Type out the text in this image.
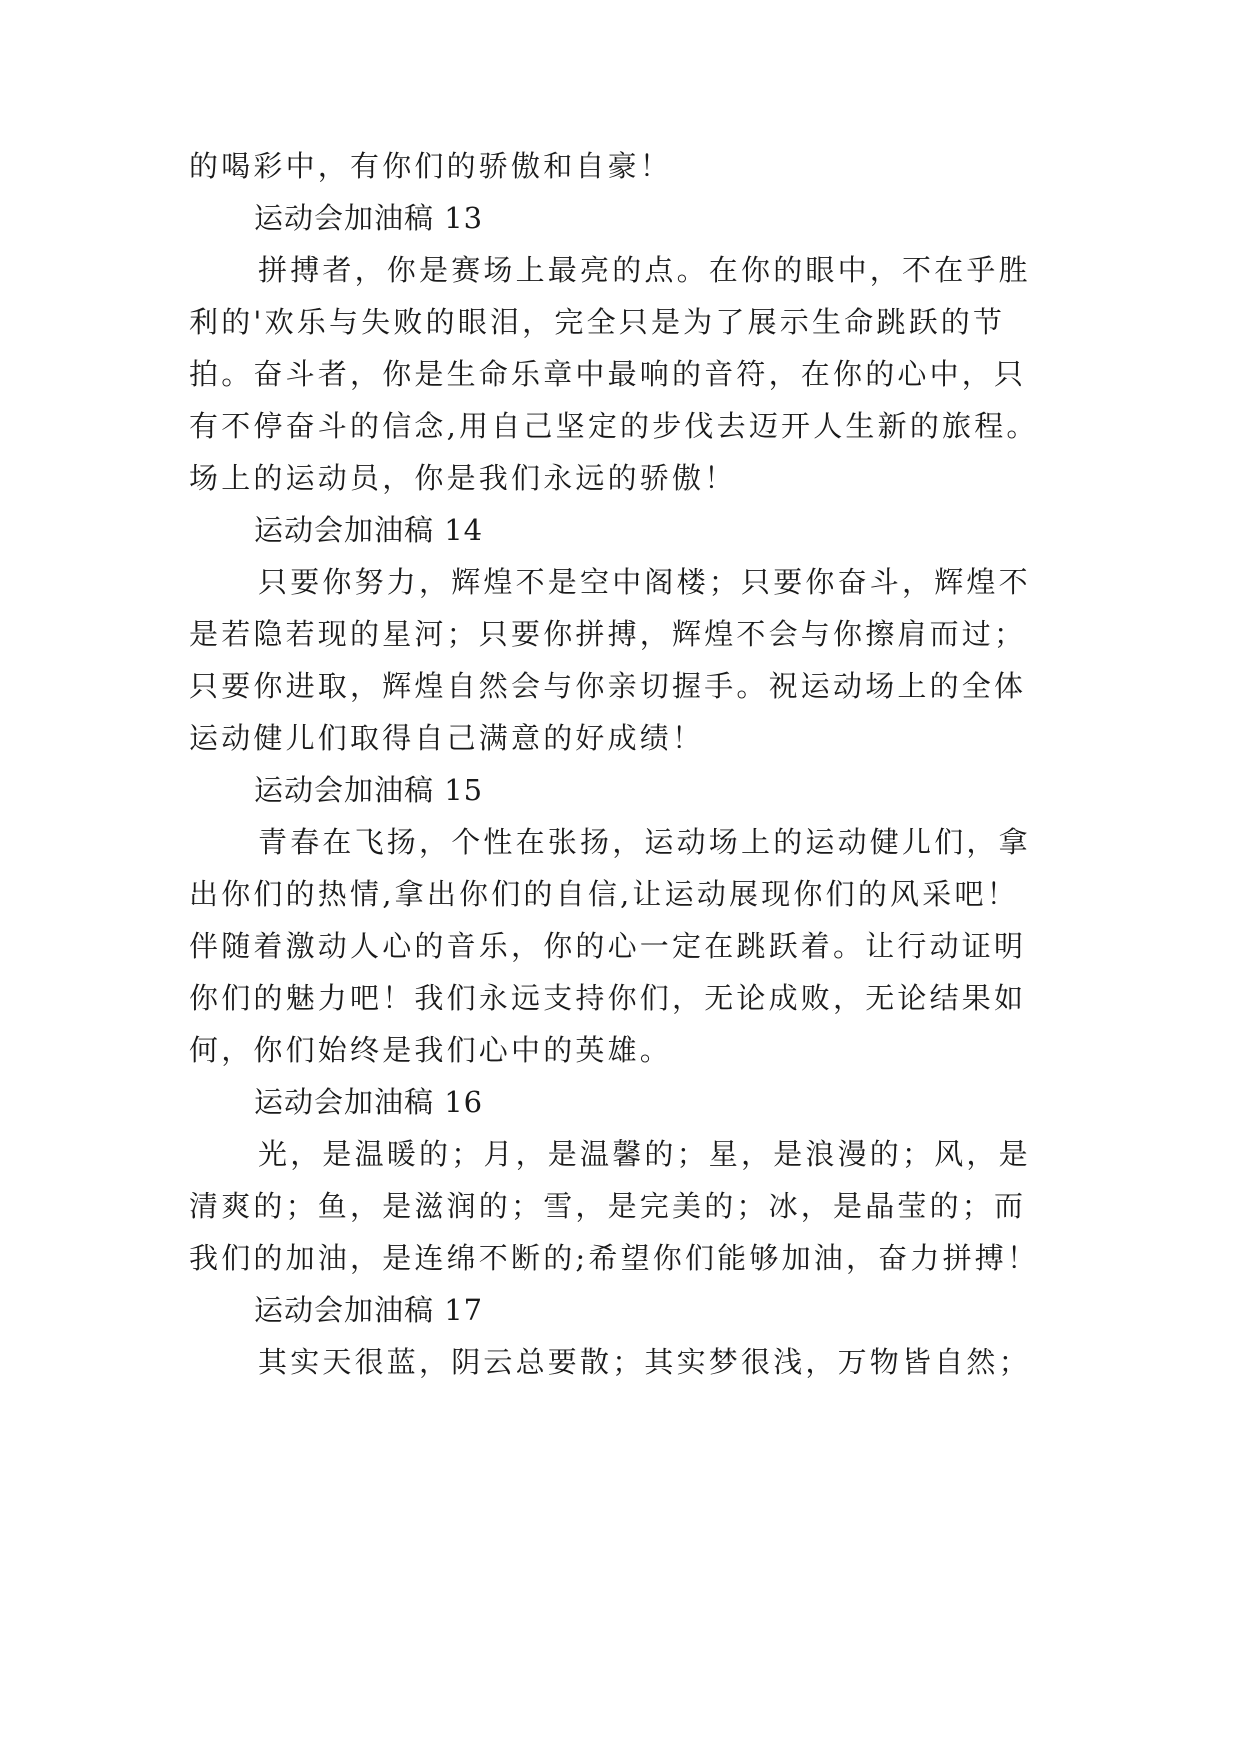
的喝彩中，有你们的骄傲和自豪！
运动会加油稿 13
拼搏者，你是赛场上最亮的点。在你的眼中，不在乎胜
利的'欢乐与失败的眼泪，完全只是为了展示生命跳跃的节
拍。奋斗者，你是生命乐章中最响的音符，在你的心中，只
有不停奋斗的信念,用自己坚定的步伐去迈开人生新的旅程。
场上的运动员，你是我们永远的骄傲！
运动会加油稿 14
只要你努力，辉煌不是空中阁楼；只要你奋斗，辉煌不
是若隐若现的星河；只要你拼搏，辉煌不会与你擦肩而过；
只要你进取，辉煌自然会与你亲切握手。祝运动场上的全体
运动健儿们取得自己满意的好成绩！
运动会加油稿 15
青春在飞扬，个性在张扬，运动场上的运动健儿们，拿
出你们的热情,拿出你们的自信,让运动展现你们的风采吧！
伴随着激动人心的音乐，你的心一定在跳跃着。让行动证明
你们的魅力吧！我们永远支持你们，无论成败，无论结果如
何，你们始终是我们心中的英雄。
运动会加油稿 16
光，是温暖的；月，是温馨的；星，是浪漫的；风，是
清爽的；鱼，是滋润的；雪，是完美的；冰，是晶莹的；而
我们的加油，是连绵不断的;希望你们能够加油，奋力拼搏！
运动会加油稿 17
其实天很蓝，阴云总要散；其实梦很浅，万物皆自然；
